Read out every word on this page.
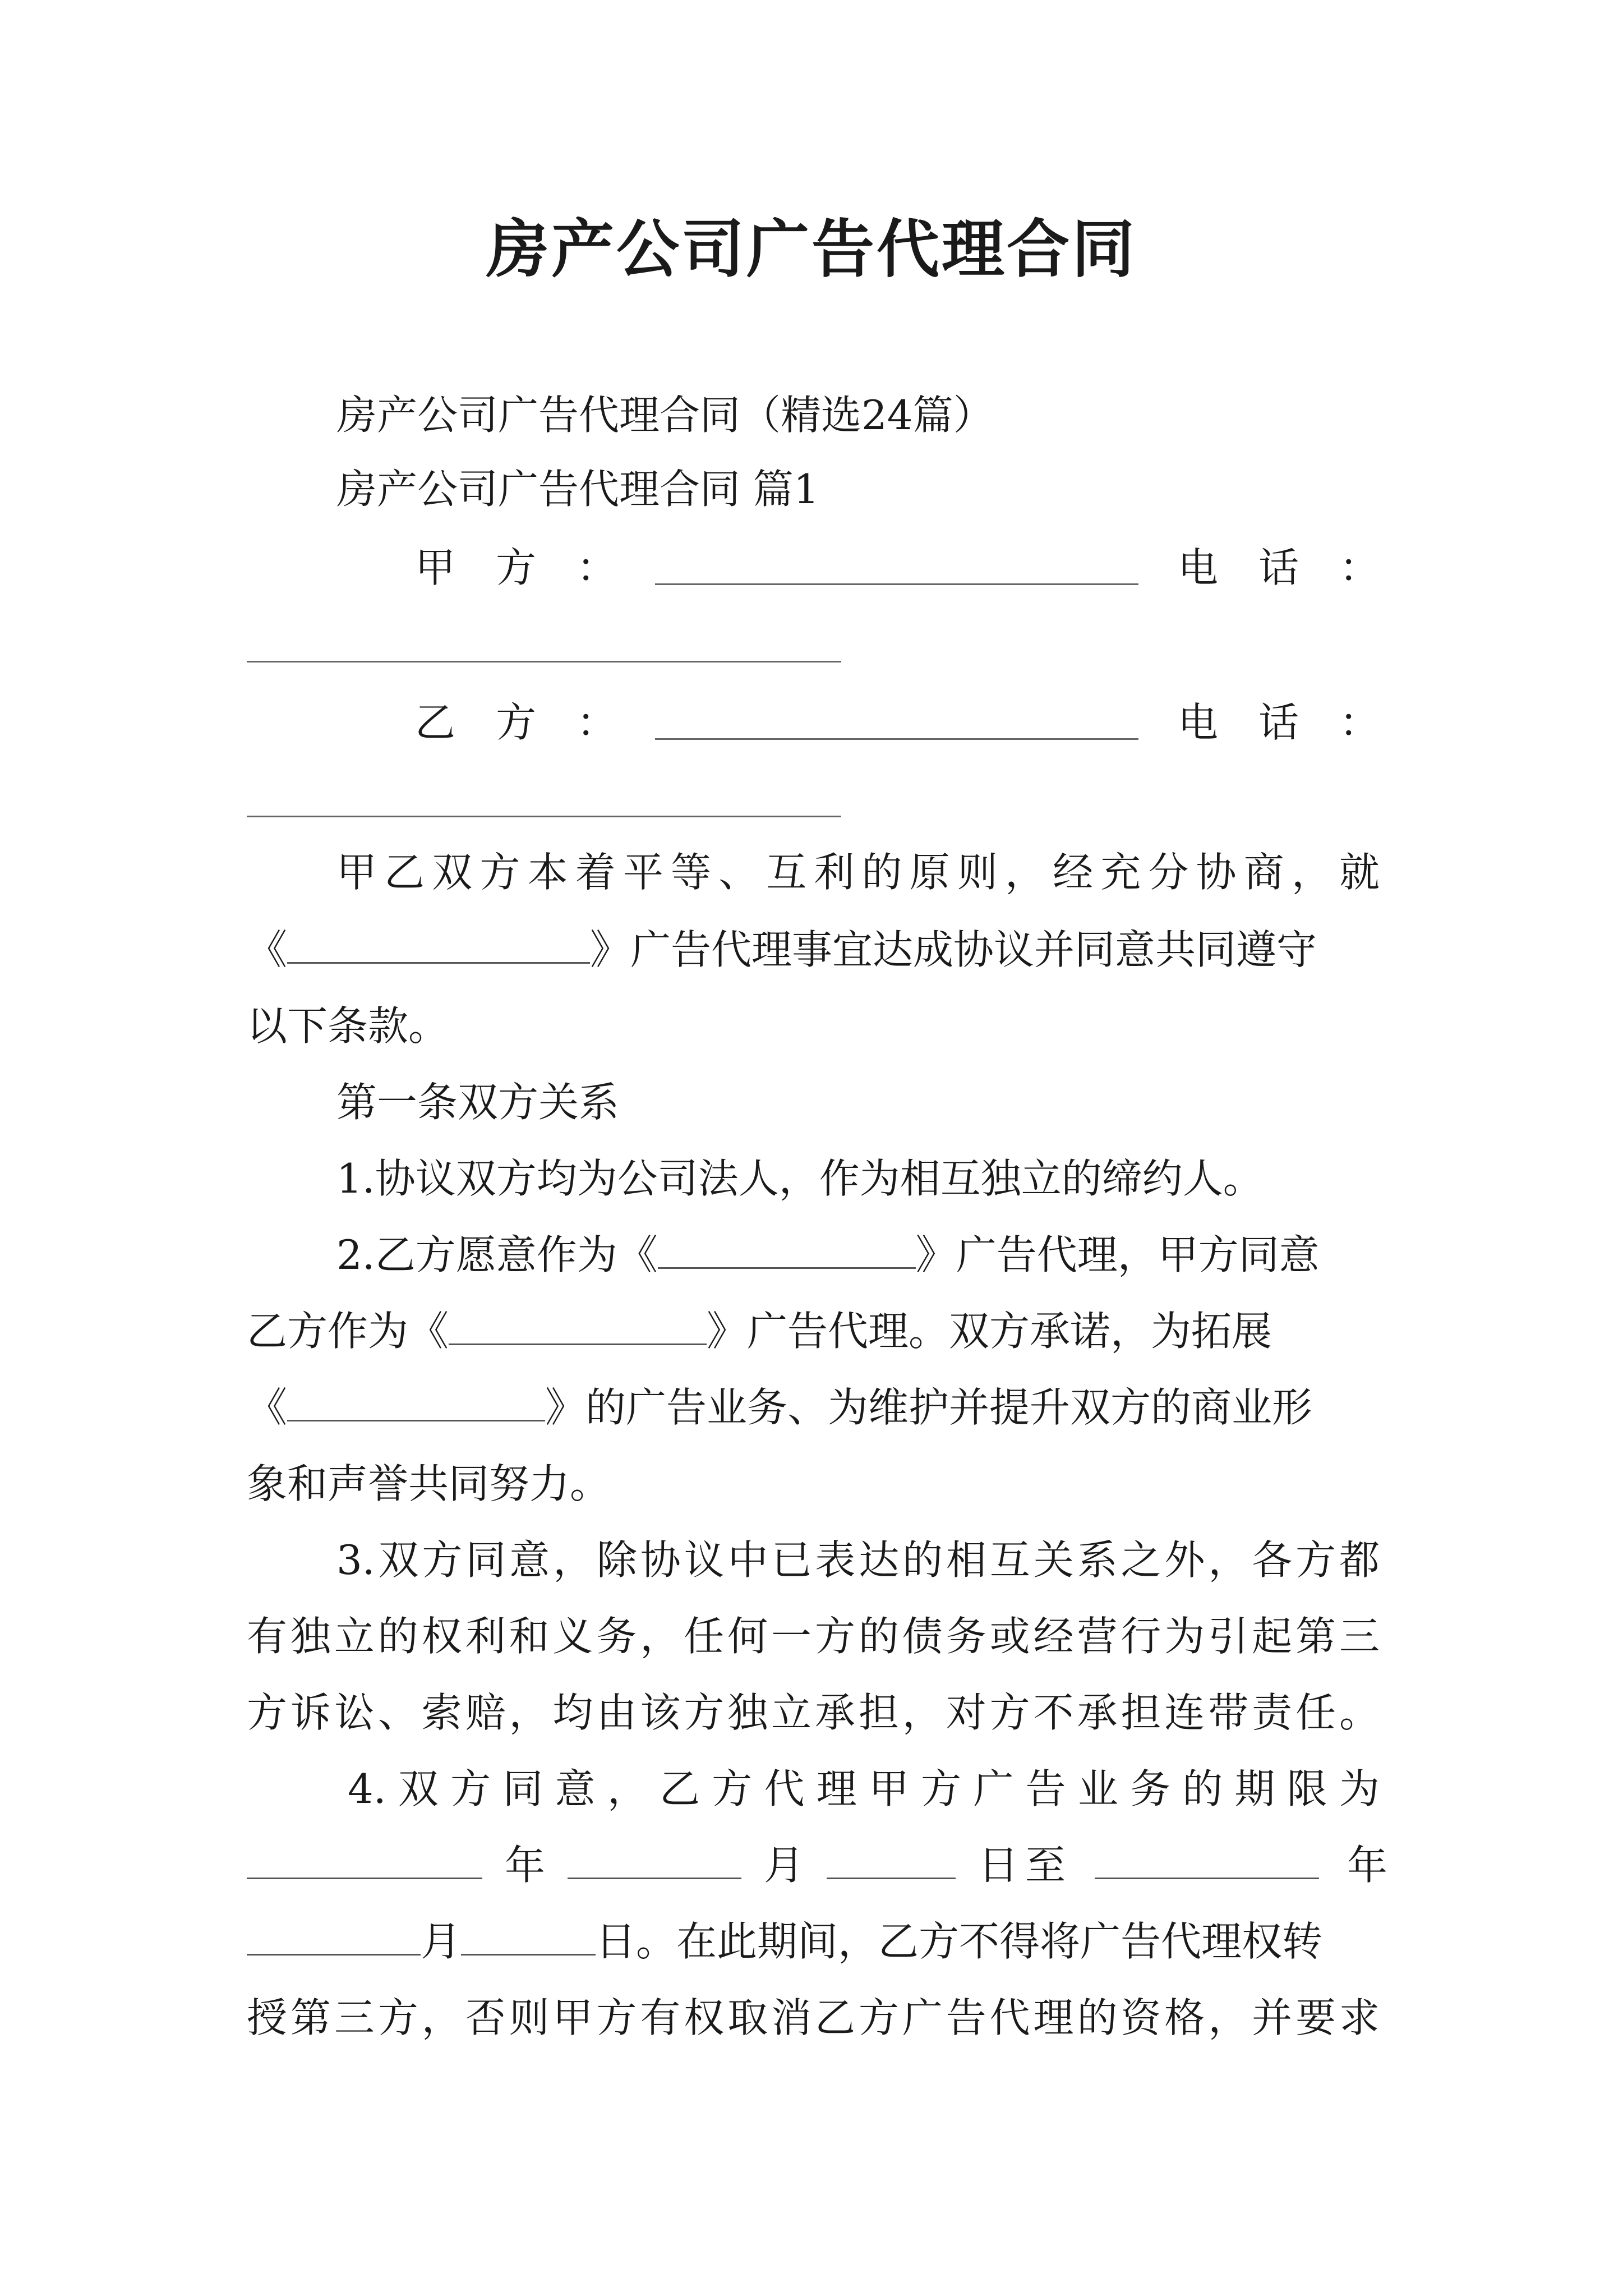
房产公司广告代理合同
房产公司广告代理合同（精选24篇）
房产公司广告代理合同 篇1
甲　方　：	电　话　：
乙　方　：	电　话　：
甲乙双方本着平等、互利的原则，经充分协商，就
《	》广告代理事宜达成协议并同意共同遵守
以下条款。
第一条双方关系
1.协议双方均为公司法人，作为相互独立的缔约人。
2.乙方愿意作为《	》广告代理，甲方同意
乙方作为《	》广告代理。双方承诺，为拓展
《	》的广告业务、为维护并提升双方的商业形
象和声誉共同努力。
3.双方同意，除协议中已表达的相互关系之外，各方都
有独立的权利和义务，任何一方的债务或经营行为引起第三
方诉讼、索赔，均由该方独立承担，对方不承担连带责任。
4.双方同意，乙方代理甲方广告业务的期限为
年	月	日至	年
月	日。在此期间，乙方不得将广告代理权转
授第三方，否则甲方有权取消乙方广告代理的资格，并要求
